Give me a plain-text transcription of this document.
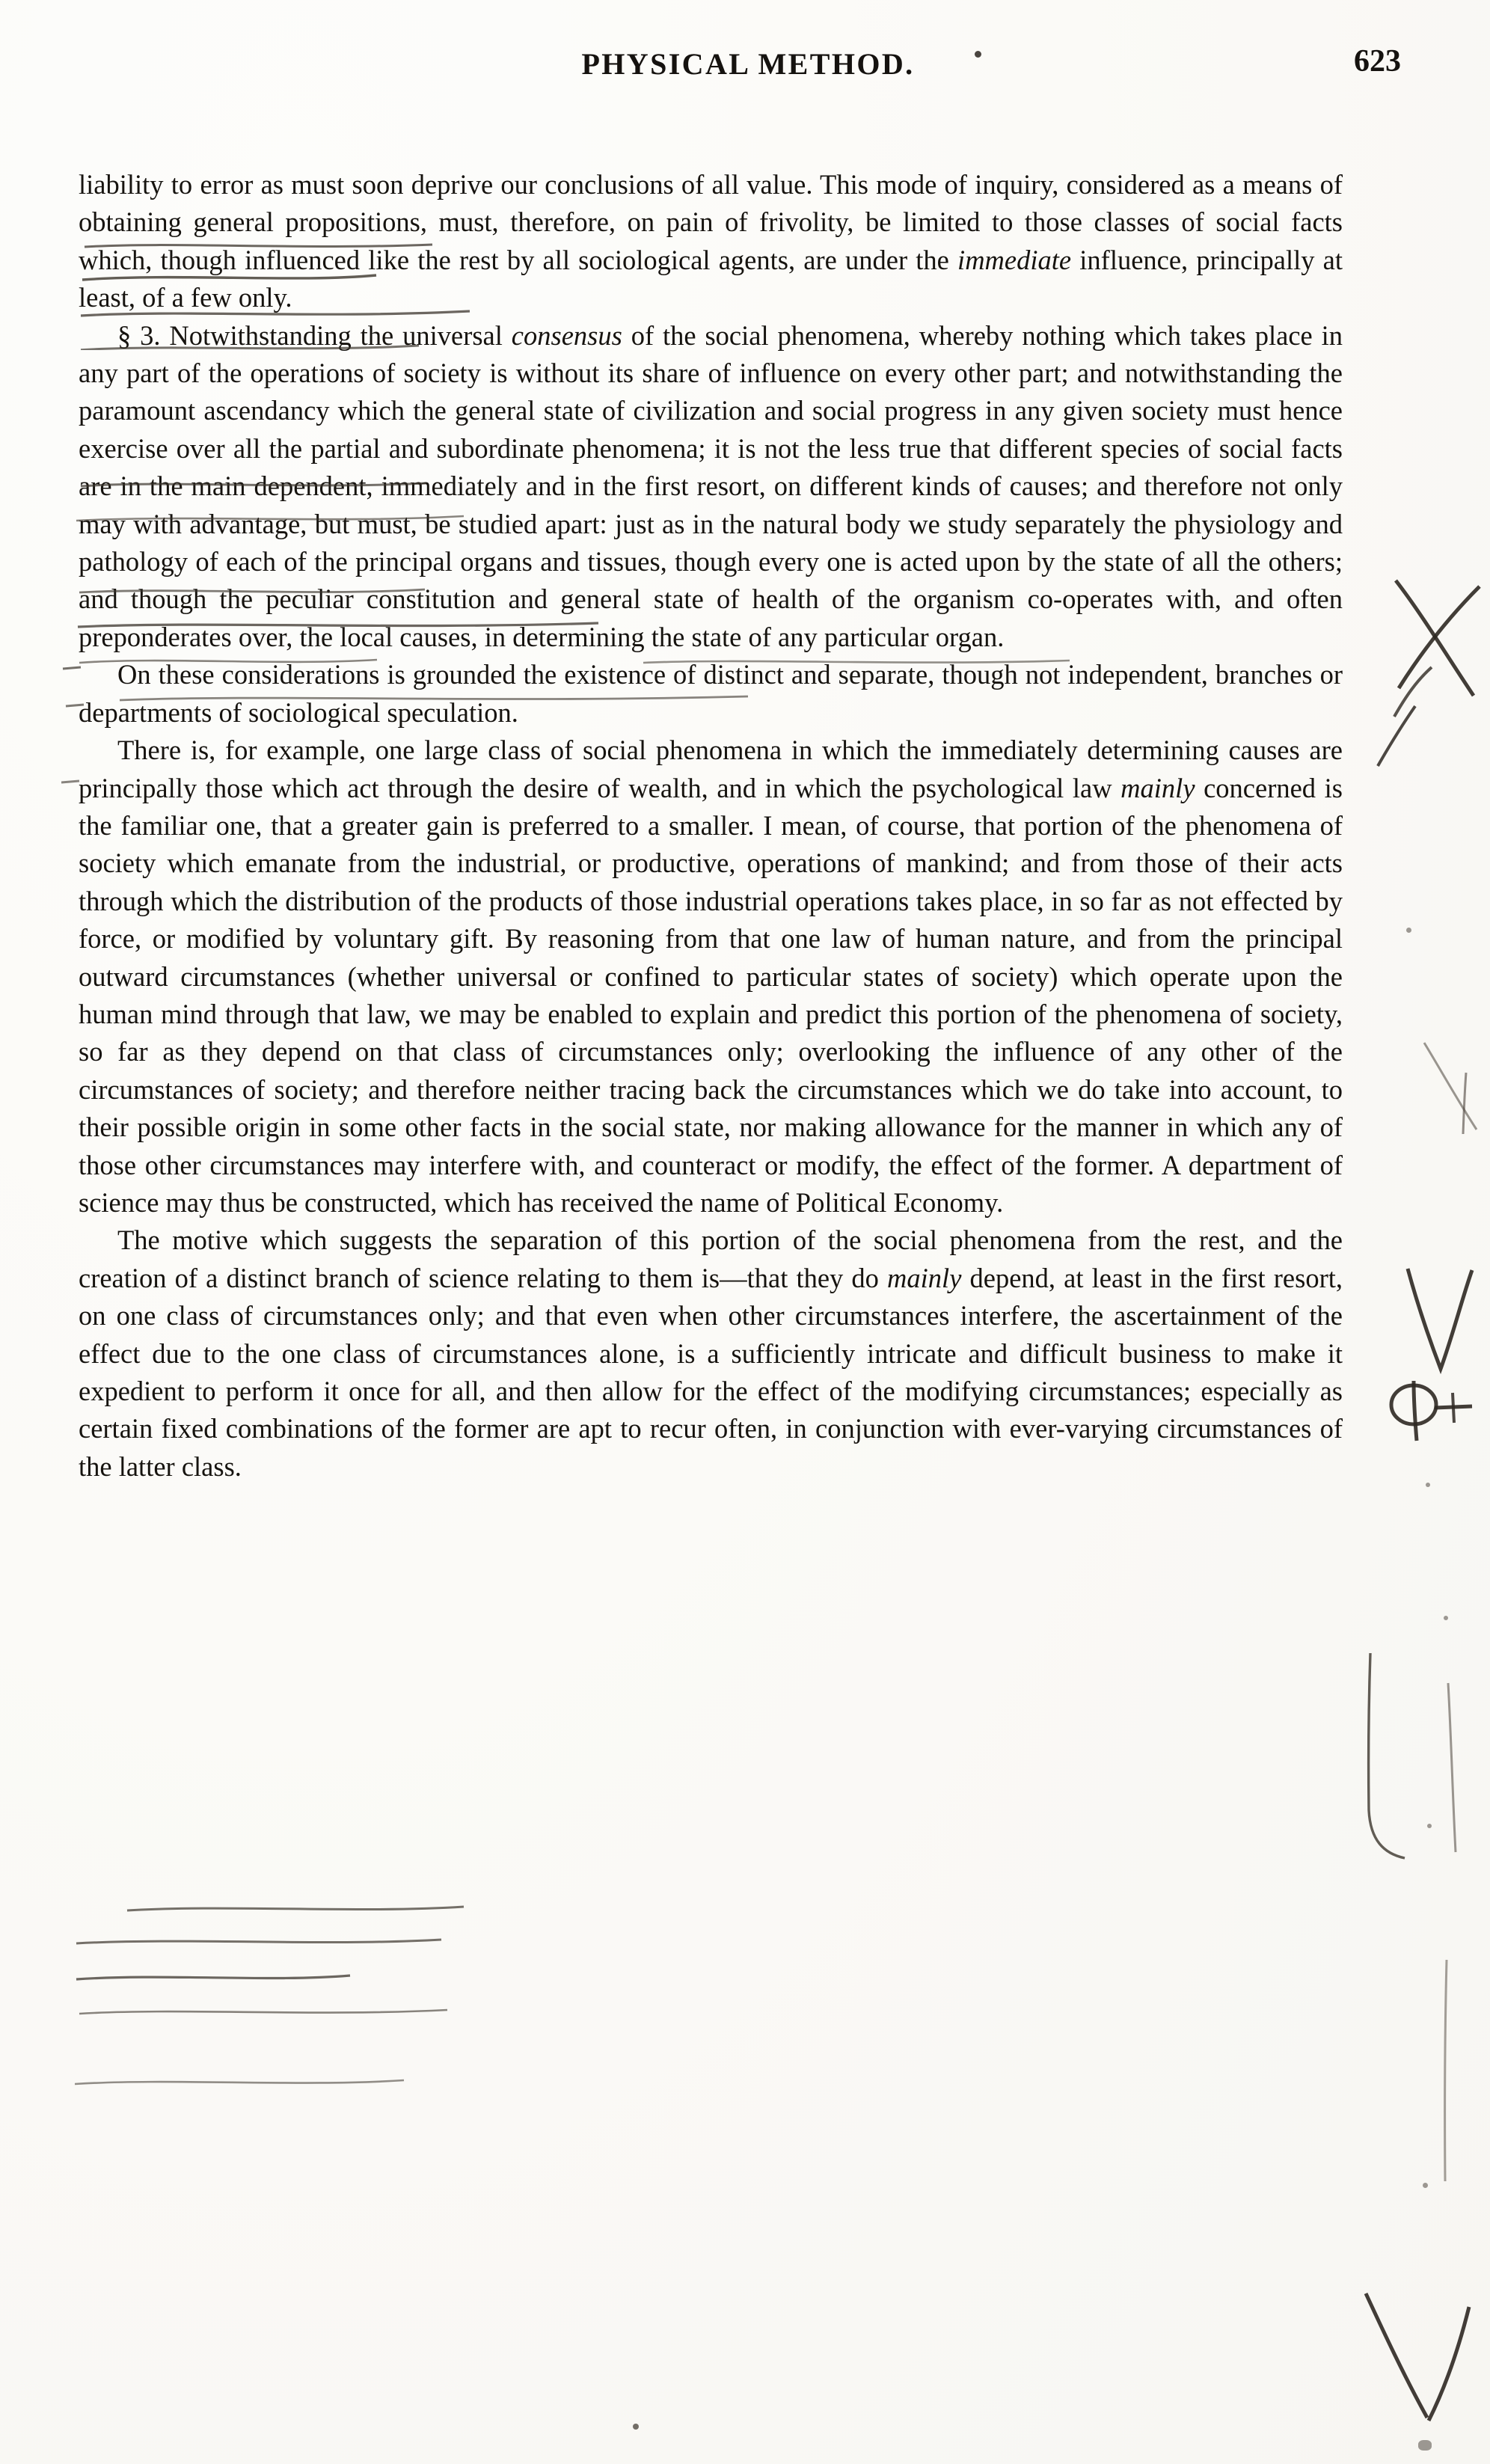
PHYSICAL METHOD.	623

liability to error as must soon deprive our conclusions of all value. This mode of inquiry, considered as a means of obtaining general propositions, must, therefore, on pain of frivolity, be limited to those classes of social facts which, though influenced like the rest by all sociological agents, are under the immediate influence, principally at least, of a few only.

§ 3. Notwithstanding the universal consensus of the social phenomena, whereby nothing which takes place in any part of the operations of society is without its share of influence on every other part; and notwithstanding the paramount ascendancy which the general state of civilization and social progress in any given society must hence exercise over all the partial and subordinate phenomena; it is not the less true that different species of social facts are in the main dependent, immediately and in the first resort, on different kinds of causes; and therefore not only may with advantage, but must, be studied apart: just as in the natural body we study separately the physiology and pathology of each of the principal organs and tissues, though every one is acted upon by the state of all the others; and though the peculiar constitution and general state of health of the organism co-operates with, and often preponderates over, the local causes, in determining the state of any particular organ.

On these considerations is grounded the existence of distinct and separate, though not independent, branches or departments of sociological speculation.

There is, for example, one large class of social phenomena in which the immediately determining causes are principally those which act through the desire of wealth, and in which the psychological law mainly concerned is the familiar one, that a greater gain is preferred to a smaller. I mean, of course, that portion of the phenomena of society which emanate from the industrial, or productive, operations of mankind; and from those of their acts through which the distribution of the products of those industrial operations takes place, in so far as not effected by force, or modified by voluntary gift. By reasoning from that one law of human nature, and from the principal outward circumstances (whether universal or confined to particular states of society) which operate upon the human mind through that law, we may be enabled to explain and predict this portion of the phenomena of society, so far as they depend on that class of circumstances only; overlooking the influence of any other of the circumstances of society; and therefore neither tracing back the circumstances which we do take into account, to their possible origin in some other facts in the social state, nor making allowance for the manner in which any of those other circumstances may interfere with, and counteract or modify, the effect of the former. A department of science may thus be constructed, which has received the name of Political Economy.

The motive which suggests the separation of this portion of the social phenomena from the rest, and the creation of a distinct branch of science relating to them is—that they do mainly depend, at least in the first resort, on one class of circumstances only; and that even when other circumstances interfere, the ascertainment of the effect due to the one class of circumstances alone, is a sufficiently intricate and difficult business to make it expedient to perform it once for all, and then allow for the effect of the modifying circumstances; especially as certain fixed combinations of the former are apt to recur often, in conjunction with ever-varying circumstances of the latter class.
